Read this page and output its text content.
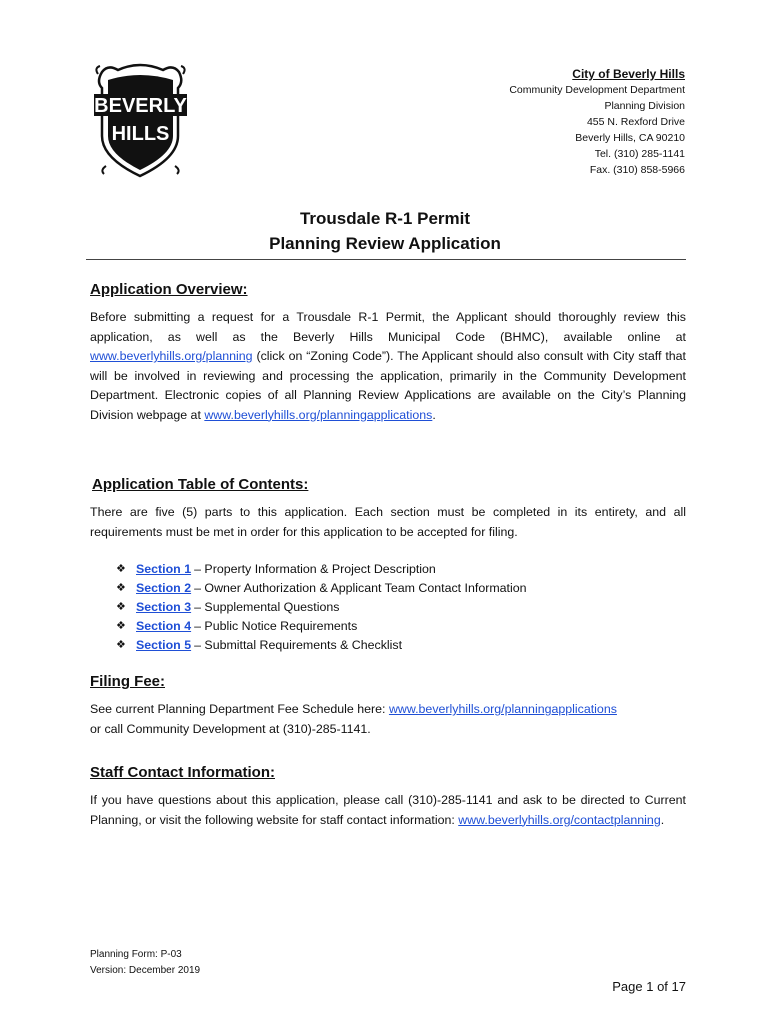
BEVERLY
HILLS
City of Beverly Hills
Community Development Department
Planning Division
455 N. Rexford Drive
Beverly Hills, CA 90210
Tel. (310) 285-1141
Fax. (310) 858-5966
Trousdale R-1 Permit
Planning Review Application
Application Overview:
Before submitting a request for a Trousdale R-1 Permit, the Applicant should thoroughly review this application, as well as the Beverly Hills Municipal Code (BHMC), available online at www.beverlyhills.org/planning (click on “Zoning Code”). The Applicant should also consult with City staff that will be involved in reviewing and processing the application, primarily in the Community Development Department. Electronic copies of all Planning Review Applications are available on the City’s Planning Division webpage at www.beverlyhills.org/planningapplications.
Application Table of Contents:
There are five (5) parts to this application. Each section must be completed in its entirety, and all requirements must be met in order for this application to be accepted for filing.
❖ Section 1 – Property Information & Project Description
❖ Section 2 – Owner Authorization & Applicant Team Contact Information
❖ Section 3 – Supplemental Questions
❖ Section 4 – Public Notice Requirements
❖ Section 5 – Submittal Requirements & Checklist
Filing Fee:
See current Planning Department Fee Schedule here: www.beverlyhills.org/planningapplications
or call Community Development at (310)-285-1141.
Staff Contact Information:
If you have questions about this application, please call (310)-285-1141 and ask to be directed to Current Planning, or visit the following website for staff contact information: www.beverlyhills.org/contactplanning.
Planning Form: P-03
Version: December 2019
Page 1 of 17
